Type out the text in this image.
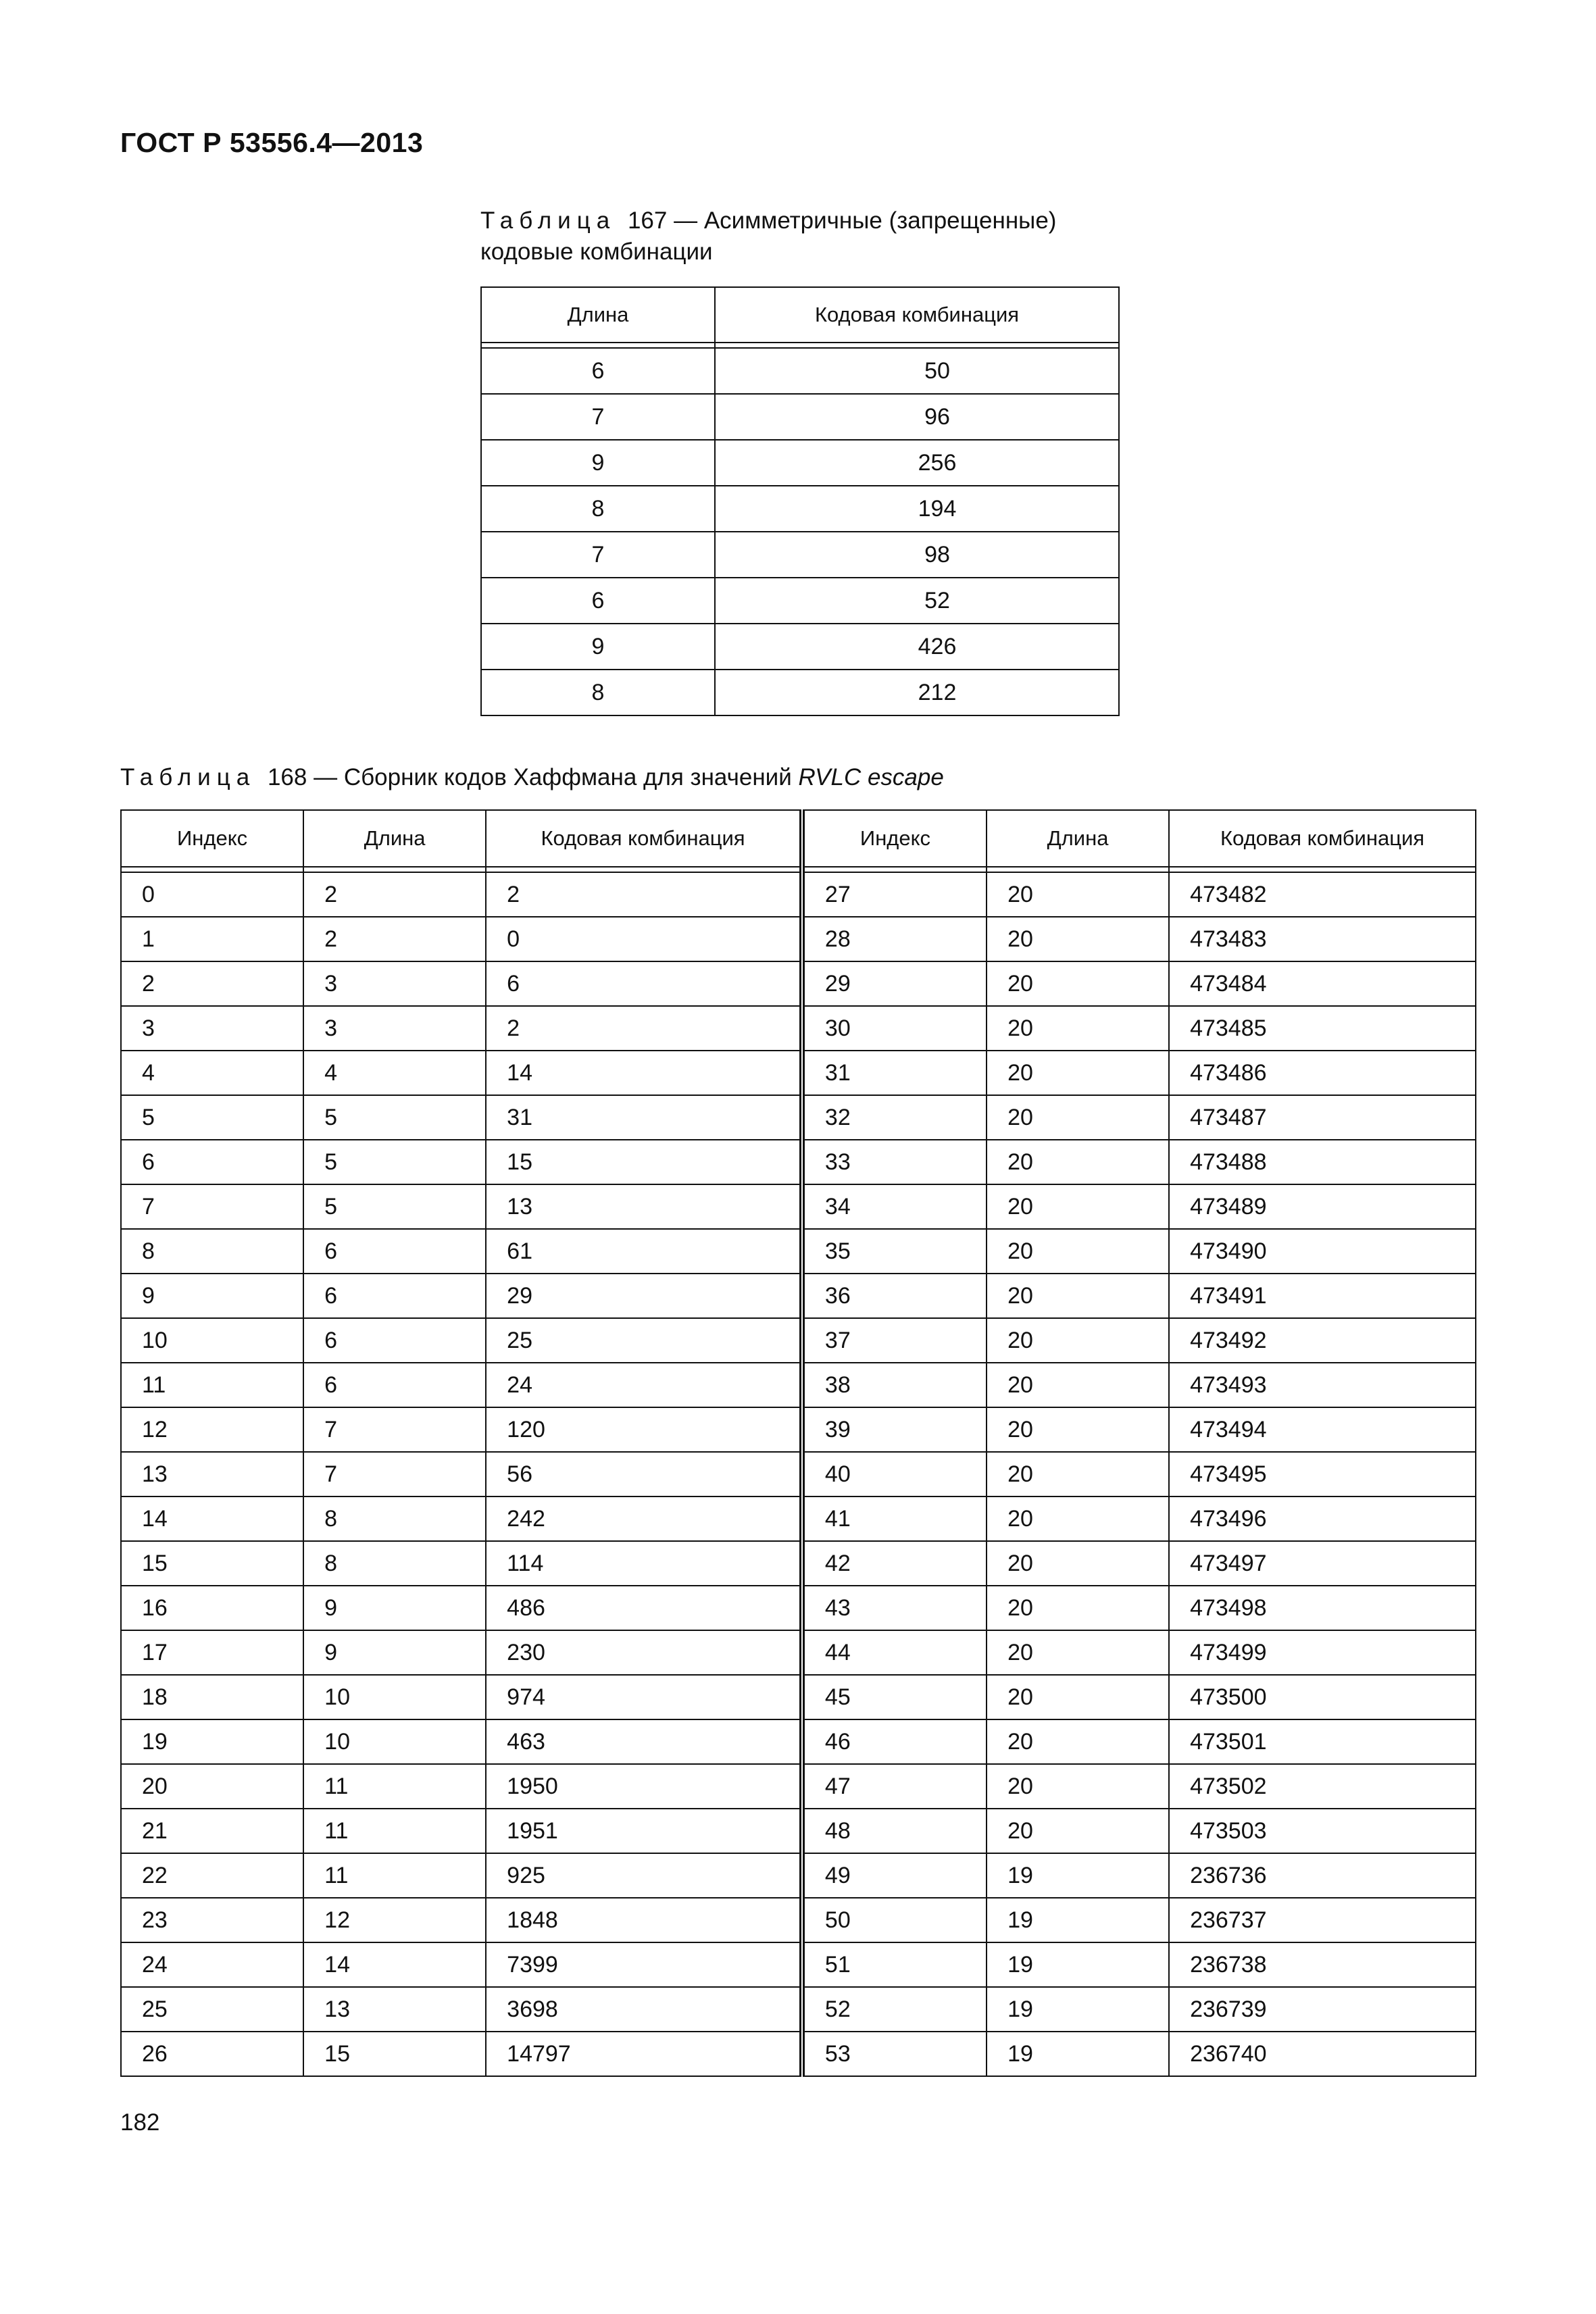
ГОСТ Р 53556.4—2013
Таблица 167 — Асимметричные (запрещенные) кодовые комбинации
Длина	Кодовая комбинация

6	50
7	96
9	256
8	194
7	98
6	52
9	426
8	212
Таблица 168 — Сборник кодов Хаффмана для значений RVLC escape
Индекс	Длина	Кодовая комбинация	Индекс	Длина	Кодовая комбинация

0	2	2	27	20	473482
1	2	0	28	20	473483
2	3	6	29	20	473484
3	3	2	30	20	473485
4	4	14	31	20	473486
5	5	31	32	20	473487
6	5	15	33	20	473488
7	5	13	34	20	473489
8	6	61	35	20	473490
9	6	29	36	20	473491
10	6	25	37	20	473492
11	6	24	38	20	473493
12	7	120	39	20	473494
13	7	56	40	20	473495
14	8	242	41	20	473496
15	8	114	42	20	473497
16	9	486	43	20	473498
17	9	230	44	20	473499
18	10	974	45	20	473500
19	10	463	46	20	473501
20	11	1950	47	20	473502
21	11	1951	48	20	473503
22	11	925	49	19	236736
23	12	1848	50	19	236737
24	14	7399	51	19	236738
25	13	3698	52	19	236739
26	15	14797	53	19	236740
182
